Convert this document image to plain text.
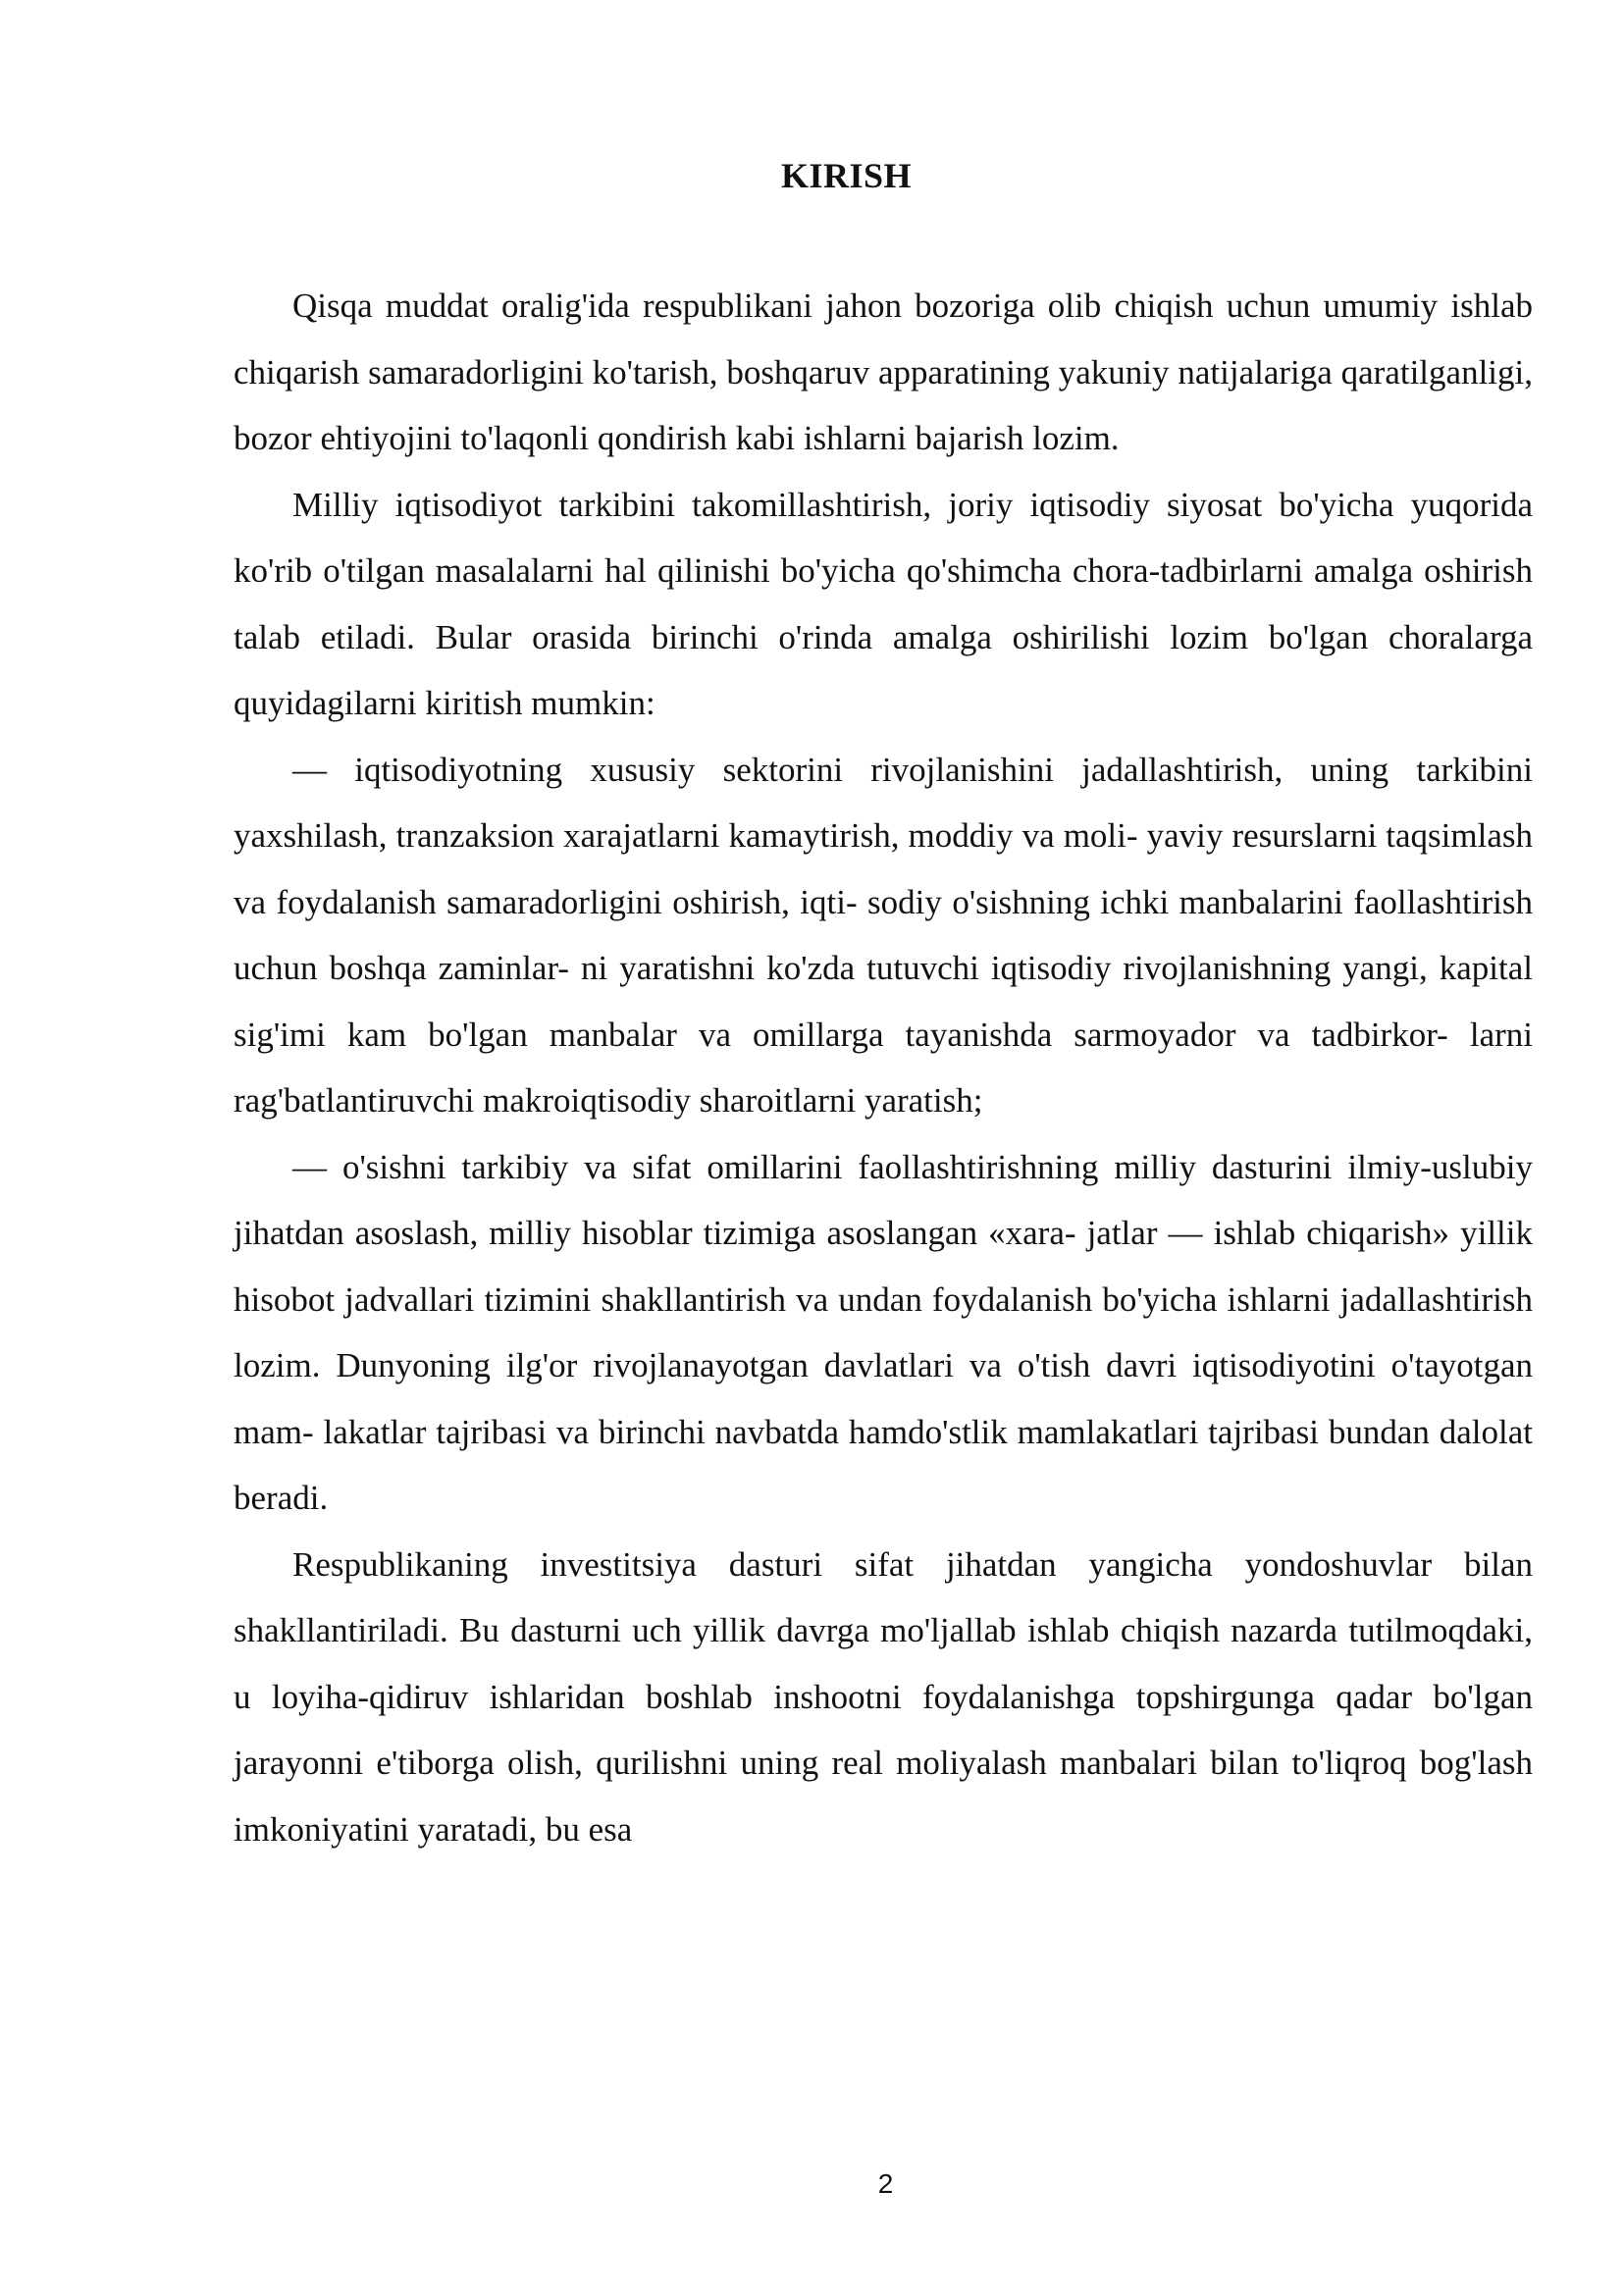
KIRISH

Qisqa muddat oralig'ida respublikani jahon bozoriga olib chiqish uchun umumiy ishlab chiqarish samaradorligini ko'tarish, boshqaruv apparatining yakuniy natijalariga qaratilganligi, bozor ehtiyojini to'laqonli qondirish kabi ishlarni bajarish lozim.

Milliy iqtisodiyot tarkibini takomillashtirish, joriy iqtisodiy siyosat bo'yicha yuqorida ko'rib o'tilgan masalalarni hal qilinishi bo'yicha qo'shimcha chora-tadbirlarni amalga oshirish talab etiladi. Bular orasida birinchi o'rinda amalga oshirilishi lozim bo'lgan choralarga quyidagilarni kiritish mumkin:

— iqtisodiyotning xususiy sektorini rivojlanishini jadallashtirish, uning tarkibini yaxshilash, tranzaksion xarajatlarni kamaytirish, moddiy va moli- yaviy resurslarni taqsimlash va foydalanish samaradorligini oshirish, iqti- sodiy o'sishning ichki manbalarini faollashtirish uchun boshqa zaminlar- ni yaratishni ko'zda tutuvchi iqtisodiy rivojlanishning yangi, kapital sig'imi kam bo'lgan manbalar va omillarga tayanishda sarmoyador va tadbirkor- larni rag'batlantiruvchi makroiqtisodiy sharoitlarni yaratish;

— o'sishni tarkibiy va sifat omillarini faollashtirishning milliy dasturini ilmiy-uslubiy jihatdan asoslash, milliy hisoblar tizimiga asoslangan «xara- jatlar — ishlab chiqarish» yillik hisobot jadvallari tizimini shakllantirish va undan foydalanish bo'yicha ishlarni jadallashtirish lozim. Dunyoning ilg'or rivojlanayotgan davlatlari va o'tish davri iqtisodiyotini o'tayotgan mam- lakatlar tajribasi va birinchi navbatda hamdo'stlik mamlakatlari tajribasi bundan dalolat beradi.

Respublikaning investitsiya dasturi sifat jihatdan yangicha yondoshuvlar bilan shakllantiriladi. Bu dasturni uch yillik davrga mo'ljallab ishlab chiqish nazarda tutilmoqdaki, u loyiha-qidiruv ishlaridan boshlab inshootni foydalanishga topshirgunga qadar bo'lgan jarayonni e'tiborga olish, qurilishni uning real moliyalash manbalari bilan to'liqroq bog'lash imkoniyatini yaratadi, bu esa

2
